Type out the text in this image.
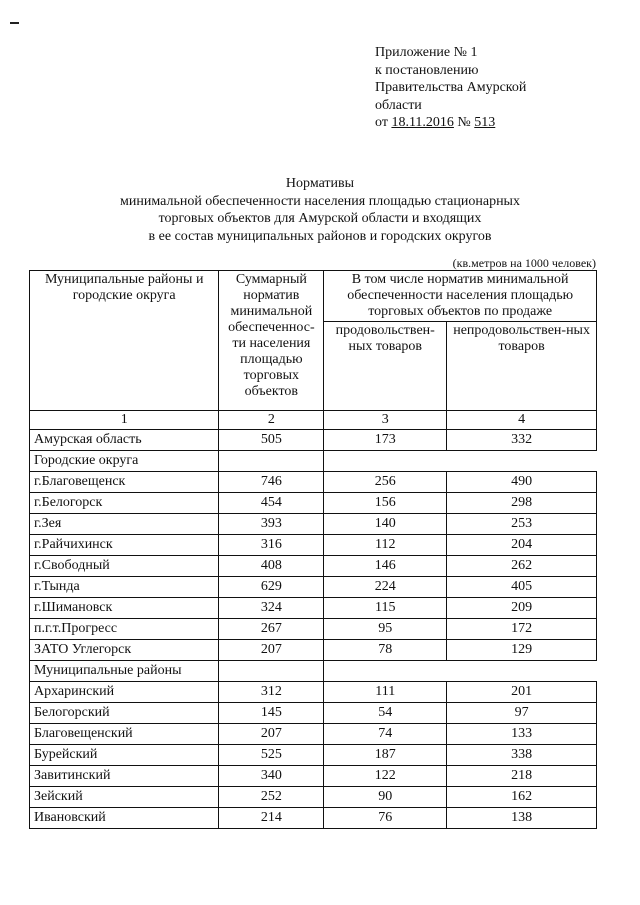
Приложение № 1
к постановлению
Правительства Амурской
области
от 18.11.2016 № 513
Нормативы
минимальной обеспеченности населения площадью стационарных
торговых объектов для Амурской области и входящих
в ее состав муниципальных районов и городских округов
(кв.метров на 1000 человек)
Муниципальные районы и городские округа	Суммарный норматив минимальной обеспеченнос-ти населения площадью торговых объектов	В том числе норматив минимальной обеспеченности населения площадью торговых объектов по продаже	
		продовольствен-ных товаров	непродовольствен-ных товаров
1	2	3	4
Амурская область	505	173	332
Городские округа			
г.Благовещенск	746	256	490
г.Белогорск	454	156	298
г.Зея	393	140	253
г.Райчихинск	316	112	204
г.Свободный	408	146	262
г.Тында	629	224	405
г.Шимановск	324	115	209
п.г.т.Прогресс	267	95	172
ЗАТО Углегорск	207	78	129
Муниципальные районы			
Архаринский	312	111	201
Белогорский	145	54	97
Благовещенский	207	74	133
Бурейский	525	187	338
Завитинский	340	122	218
Зейский	252	90	162
Ивановский	214	76	138
